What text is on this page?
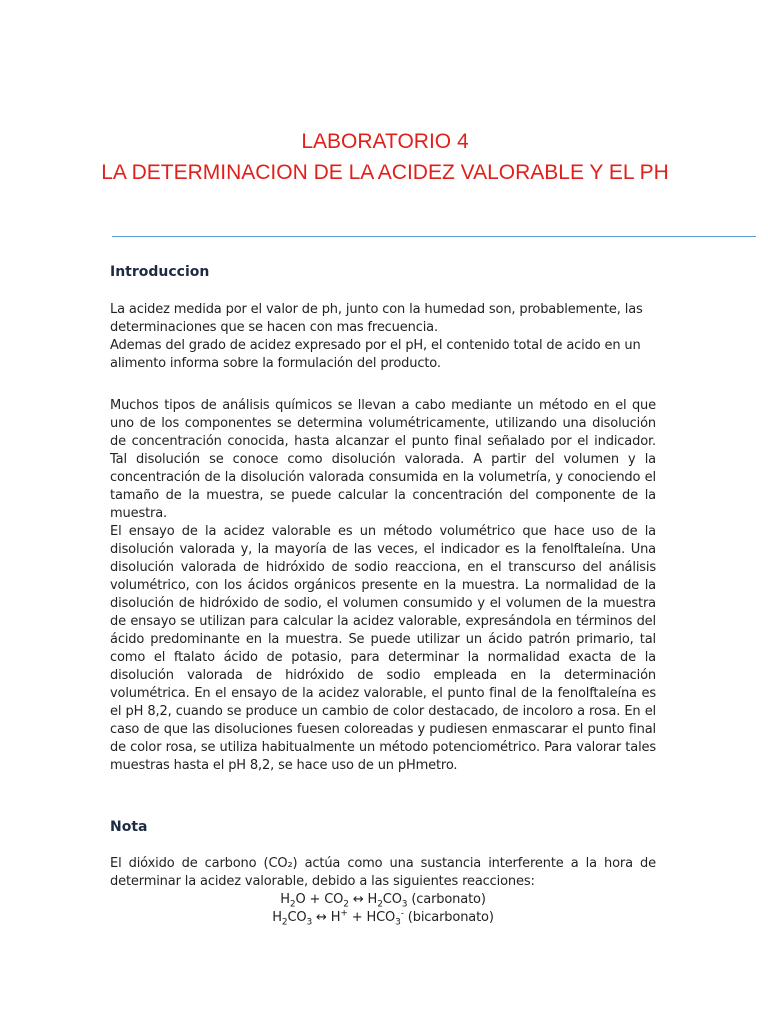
LABORATORIO 4
LA DETERMINACION DE LA ACIDEZ VALORABLE Y EL PH
Introduccion

La acidez medida por el valor de ph, junto con la humedad son, probablemente, las determinaciones que se hacen con mas frecuencia.

Ademas del grado de acidez expresado por el pH, el contenido total de acido en un alimento informa sobre la formulación del producto.

Muchos tipos de análisis químicos se llevan a cabo mediante un método en el que uno de los componentes se determina volumétricamente, utilizando una disolución de concentración conocida, hasta alcanzar el punto final señalado por el indicador. Tal disolución se conoce como disolución valorada. A partir del volumen y la concentración de la disolución valorada consumida en la volumetría, y conociendo el tamaño de la muestra, se puede calcular la concentración del componente de la muestra.

El ensayo de la acidez valorable es un método volumétrico que hace uso de la disolución valorada y, la mayoría de las veces, el indicador es la fenolftaleína. Una disolución valorada de hidróxido de sodio reacciona, en el transcurso del análisis volumétrico, con los ácidos orgánicos presente en la muestra. La normalidad de la disolución de hidróxido de sodio, el volumen consumido y el volumen de la muestra de ensayo se utilizan para calcular la acidez valorable, expresándola en términos del ácido predominante en la muestra. Se puede utilizar un ácido patrón primario, tal como el ftalato ácido de potasio, para determinar la normalidad exacta de la disolución valorada de hidróxido de sodio empleada en la determinación volumétrica. En el ensayo de la acidez valorable, el punto final de la fenolftaleína es el pH 8,2, cuando se produce un cambio de color destacado, de incoloro a rosa. En el caso de que las disoluciones fuesen coloreadas y pudiesen enmascarar el punto final de color rosa, se utiliza habitualmente un método potenciométrico. Para valorar tales muestras hasta el pH 8,2, se hace uso de un pHmetro.

Nota

El dióxido de carbono (CO₂) actúa como una sustancia interferente a la hora de determinar la acidez valorable, debido a las siguientes reacciones:

$H_2O + CO_2$ ↔ $H_2CO_3$ (carbonato)

$H_2CO_3$ ↔ $H^+ + HCO_3^-$ (bicarbonato)
